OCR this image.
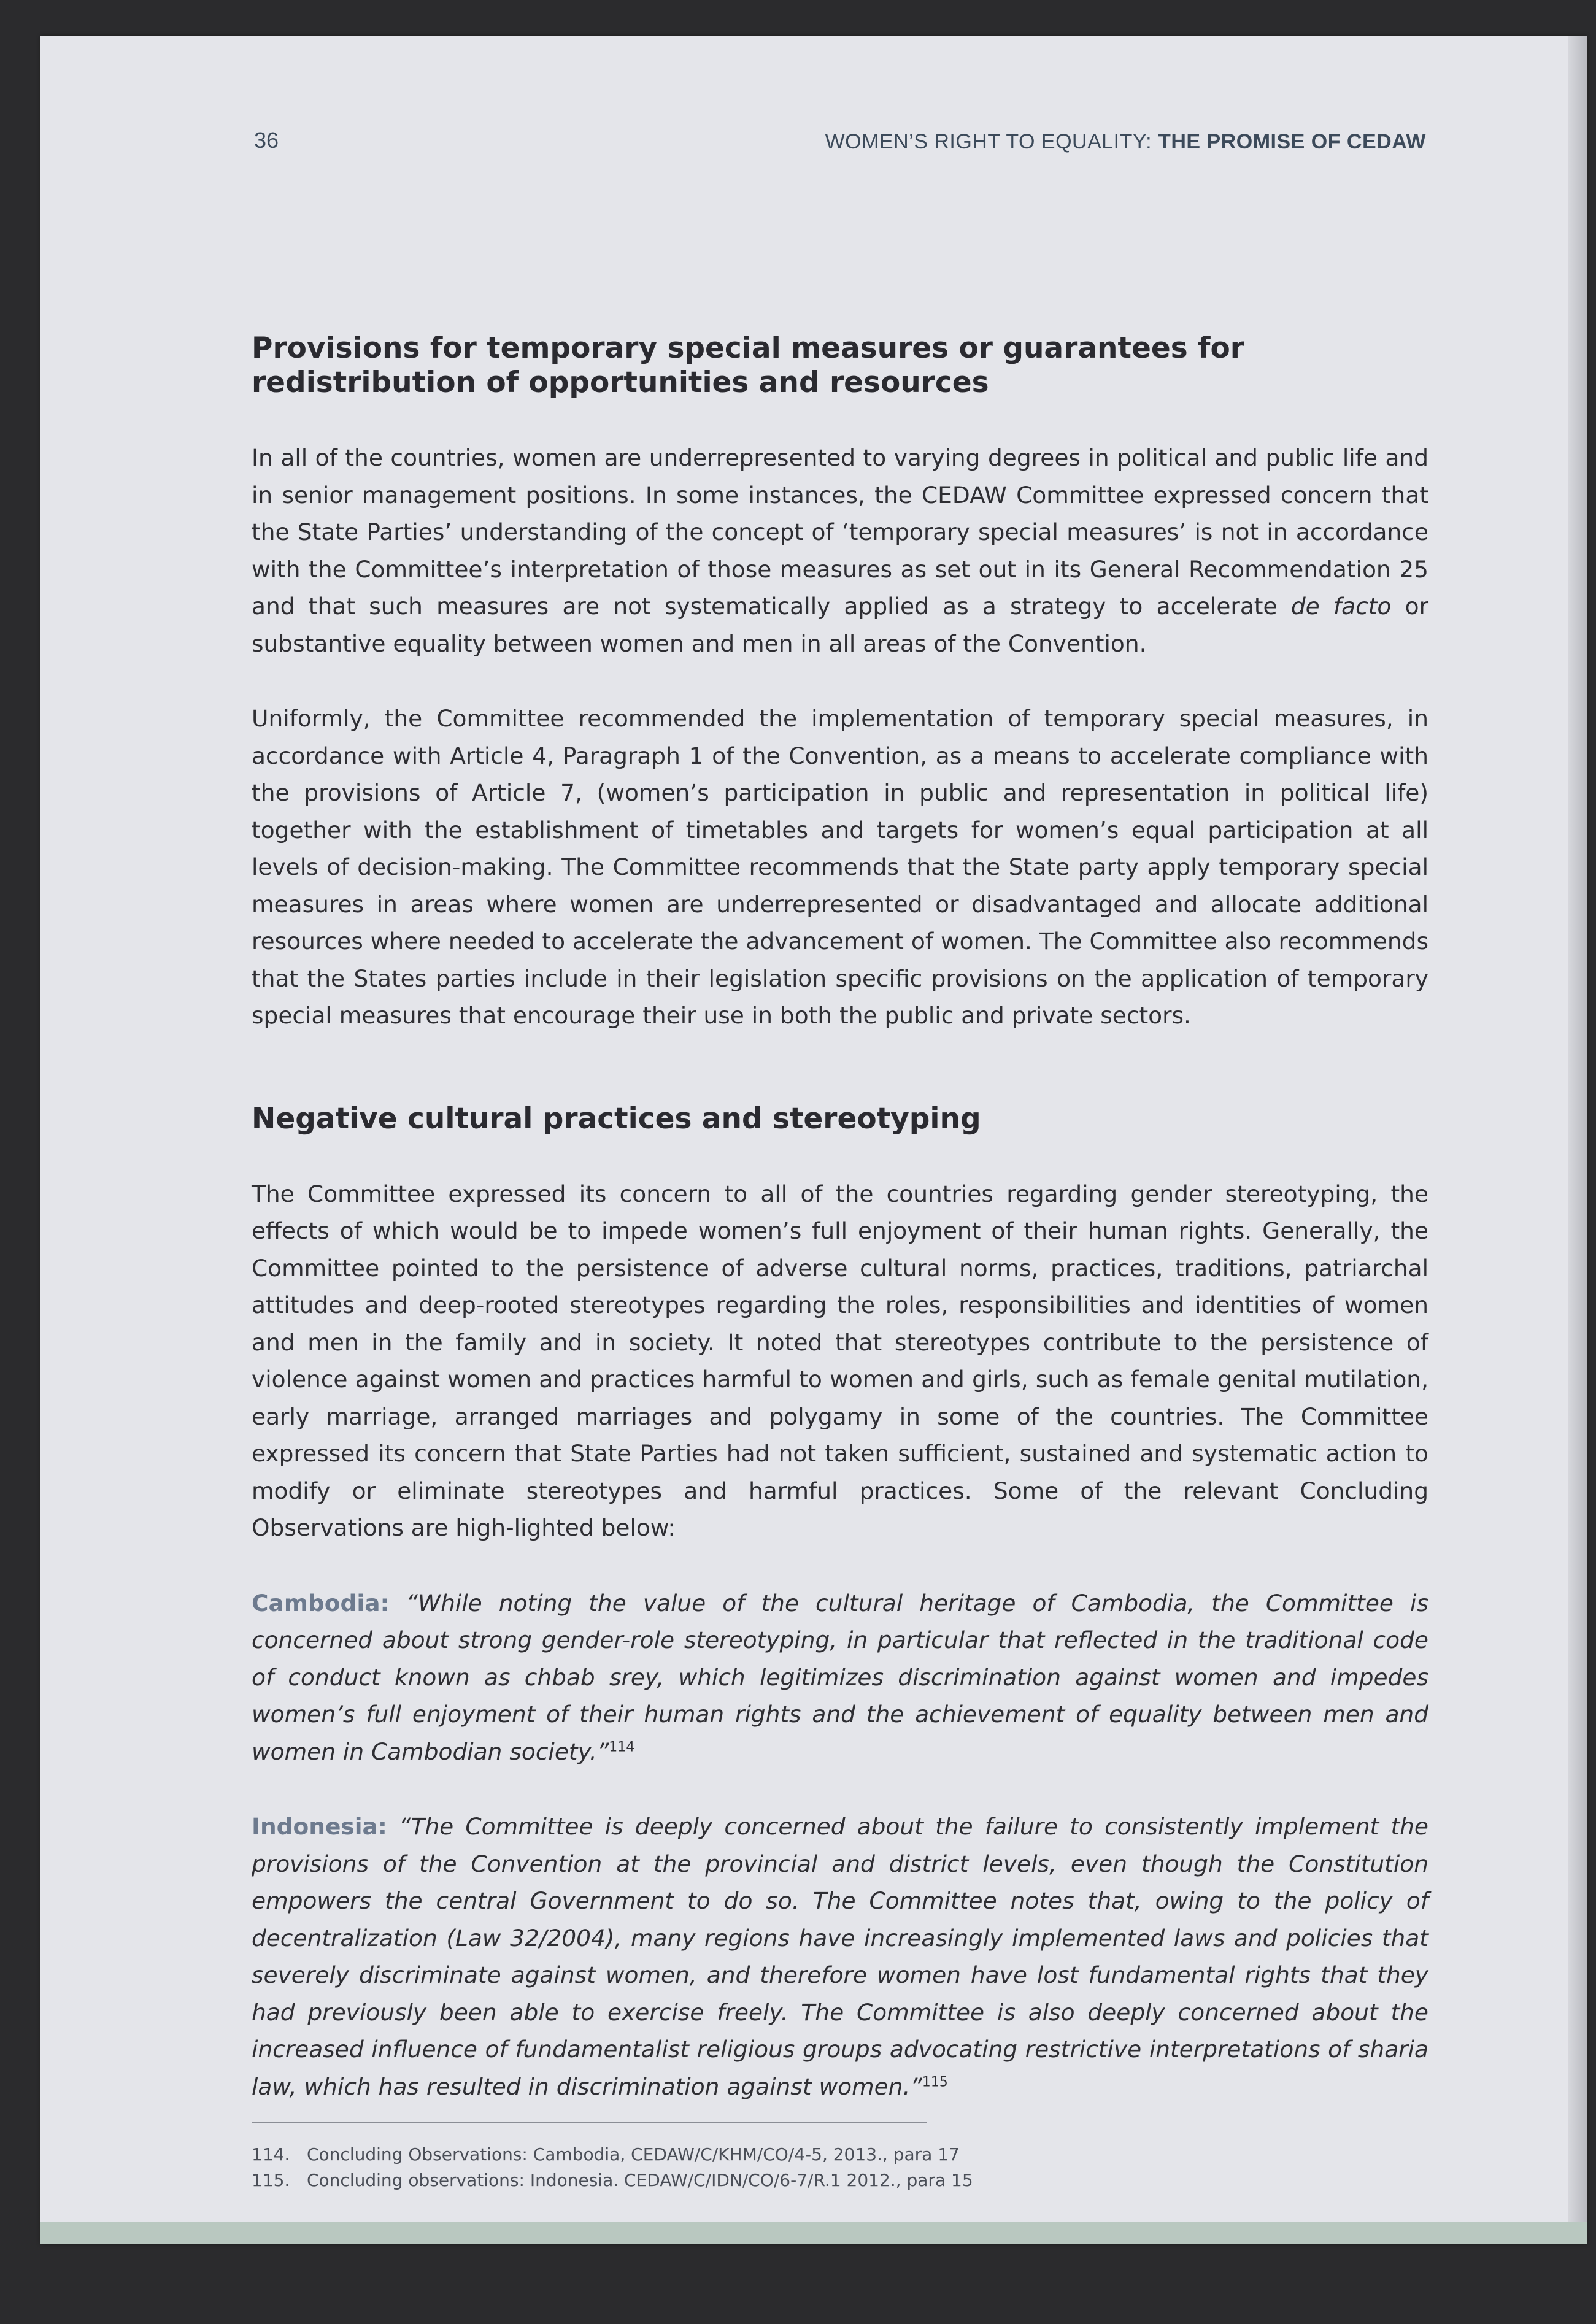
36	WOMEN’S RIGHT TO EQUALITY: THE PROMISE OF CEDAW
Provisions for temporary special measures or guarantees for redistribution of opportunities and resources

In all of the countries, women are underrepresented to varying degrees in political and public life and in senior management positions. In some instances, the CEDAW Committee expressed concern that the State Parties’ understanding of the concept of ‘temporary special measures’ is not in accordance with the Committee’s interpretation of those measures as set out in its General Recommendation 25 and that such measures are not systematically applied as a strategy to accelerate de facto or substantive equality between women and men in all areas of the Convention.

Uniformly, the Committee recommended the implementation of temporary special measures, in accordance with Article 4, Paragraph 1 of the Convention, as a means to accelerate compliance with the provisions of Article 7, (women’s participation in public and representation in political life) together with the establishment of timetables and targets for women’s equal participation at all levels of decision-making. The Committee recommends that the State party apply temporary special measures in areas where women are underrepresented or disadvantaged and allocate additional resources where needed to accelerate the advancement of women. The Committee also recommends that the States parties include in their legislation specific provisions on the application of temporary special measures that encourage their use in both the public and private sectors.

Negative cultural practices and stereotyping

The Committee expressed its concern to all of the countries regarding gender stereotyping, the effects of which would be to impede women’s full enjoyment of their human rights. Generally, the Committee pointed to the persistence of adverse cultural norms, practices, traditions, patriarchal attitudes and deep-rooted stereotypes regarding the roles, responsibilities and identities of women and men in the family and in society. It noted that stereotypes contribute to the persistence of violence against women and practices harmful to women and girls, such as female genital mutilation, early marriage, arranged marriages and polygamy in some of the countries. The Committee expressed its concern that State Parties had not taken sufficient, sustained and systematic action to modify or eliminate stereotypes and harmful practices. Some of the relevant Concluding Observations are high-lighted below:

Cambodia: “While noting the value of the cultural heritage of Cambodia, the Committee is concerned about strong gender-role stereotyping, in particular that reflected in the traditional code of conduct known as chbab srey, which legitimizes discrimination against women and impedes women’s full enjoyment of their human rights and the achievement of equality between men and women in Cambodian society.”$^{114}$

Indonesia: “The Committee is deeply concerned about the failure to consistently implement the provisions of the Convention at the provincial and district levels, even though the Constitution empowers the central Government to do so. The Committee notes that, owing to the policy of decentralization (Law 32/2004), many regions have increasingly implemented laws and policies that severely discriminate against women, and therefore women have lost fundamental rights that they had previously been able to exercise freely. The Committee is also deeply concerned about the increased influence of fundamentalist religious groups advocating restrictive interpretations of sharia law, which has resulted in discrimination against women.”$^{115}$

114. Concluding Observations: Cambodia, CEDAW/C/KHM/CO/4-5, 2013., para 17
115. Concluding observations: Indonesia. CEDAW/C/IDN/CO/6-7/R.1 2012., para 15
